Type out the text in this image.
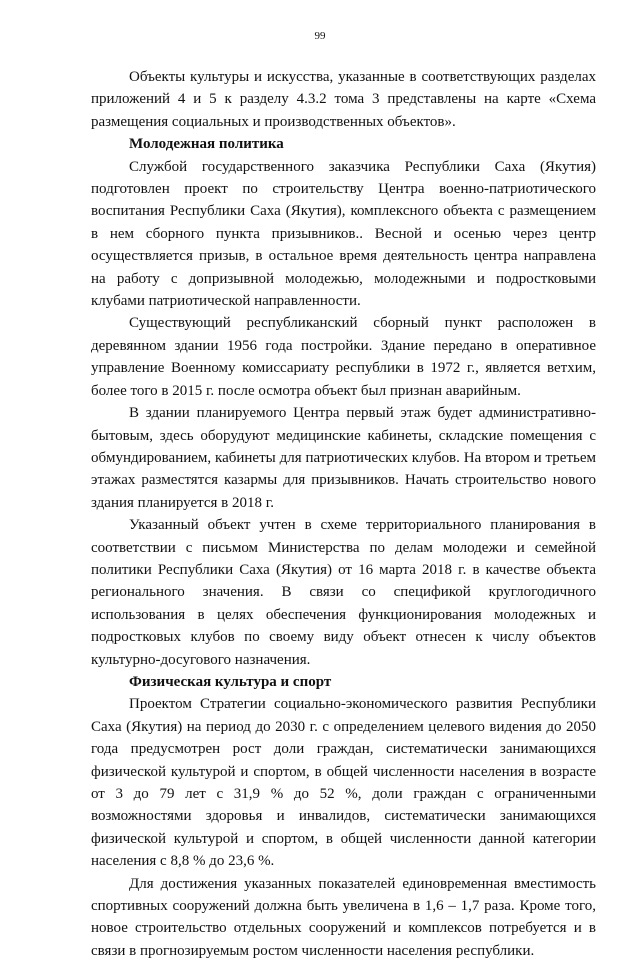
99

Объекты культуры и искусства, указанные в соответствующих разделах приложений 4 и 5 к разделу 4.3.2 тома 3 представлены на карте «Схема размещения социальных и производственных объектов».

Молодежная политика

Службой государственного заказчика Республики Саха (Якутия) подготовлен проект по строительству Центра военно-патриотического воспитания Республики Саха (Якутия), комплексного объекта с размещением в нем сборного пункта призывников.. Весной и осенью через центр осуществляется призыв, в остальное время деятельность центра направлена на работу с допризывной молодежью, молодежными и подростковыми клубами патриотической направленности.

Существующий республиканский сборный пункт расположен в деревянном здании 1956 года постройки. Здание передано в оперативное управление Военному комиссариату республики в 1972 г., является ветхим, более того в 2015 г. после осмотра объект был признан аварийным.

В здании планируемого Центра первый этаж будет административно-бытовым, здесь оборудуют медицинские кабинеты, складские помещения с обмундированием, кабинеты для патриотических клубов. На втором и третьем этажах разместятся казармы для призывников. Начать строительство нового здания планируется в 2018 г.

Указанный объект учтен в схеме территориального планирования в соответствии с письмом Министерства по делам молодежи и семейной политики Республики Саха (Якутия) от 16 марта 2018 г. в качестве объекта регионального значения. В связи со спецификой круглогодичного использования в целях обеспечения функционирования молодежных и подростковых клубов по своему виду объект отнесен к числу объектов культурно-досугового назначения.

Физическая культура и спорт

Проектом Стратегии социально-экономического развития Республики Саха (Якутия) на период до 2030 г. с определением целевого видения до 2050 года предусмотрен рост доли граждан, систематически занимающихся физической культурой и спортом, в общей численности населения в возрасте от 3 до 79 лет с 31,9 % до 52 %, доли граждан с ограниченными возможностями здоровья и инвалидов, систематически занимающихся физической культурой и спортом, в общей численности данной категории населения с 8,8 % до 23,6 %.

Для достижения указанных показателей единовременная вместимость спортивных сооружений должна быть увеличена в 1,6 – 1,7 раза. Кроме того, новое строительство отдельных сооружений и комплексов потребуется и в связи в прогнозируемым ростом численности населения республики.
